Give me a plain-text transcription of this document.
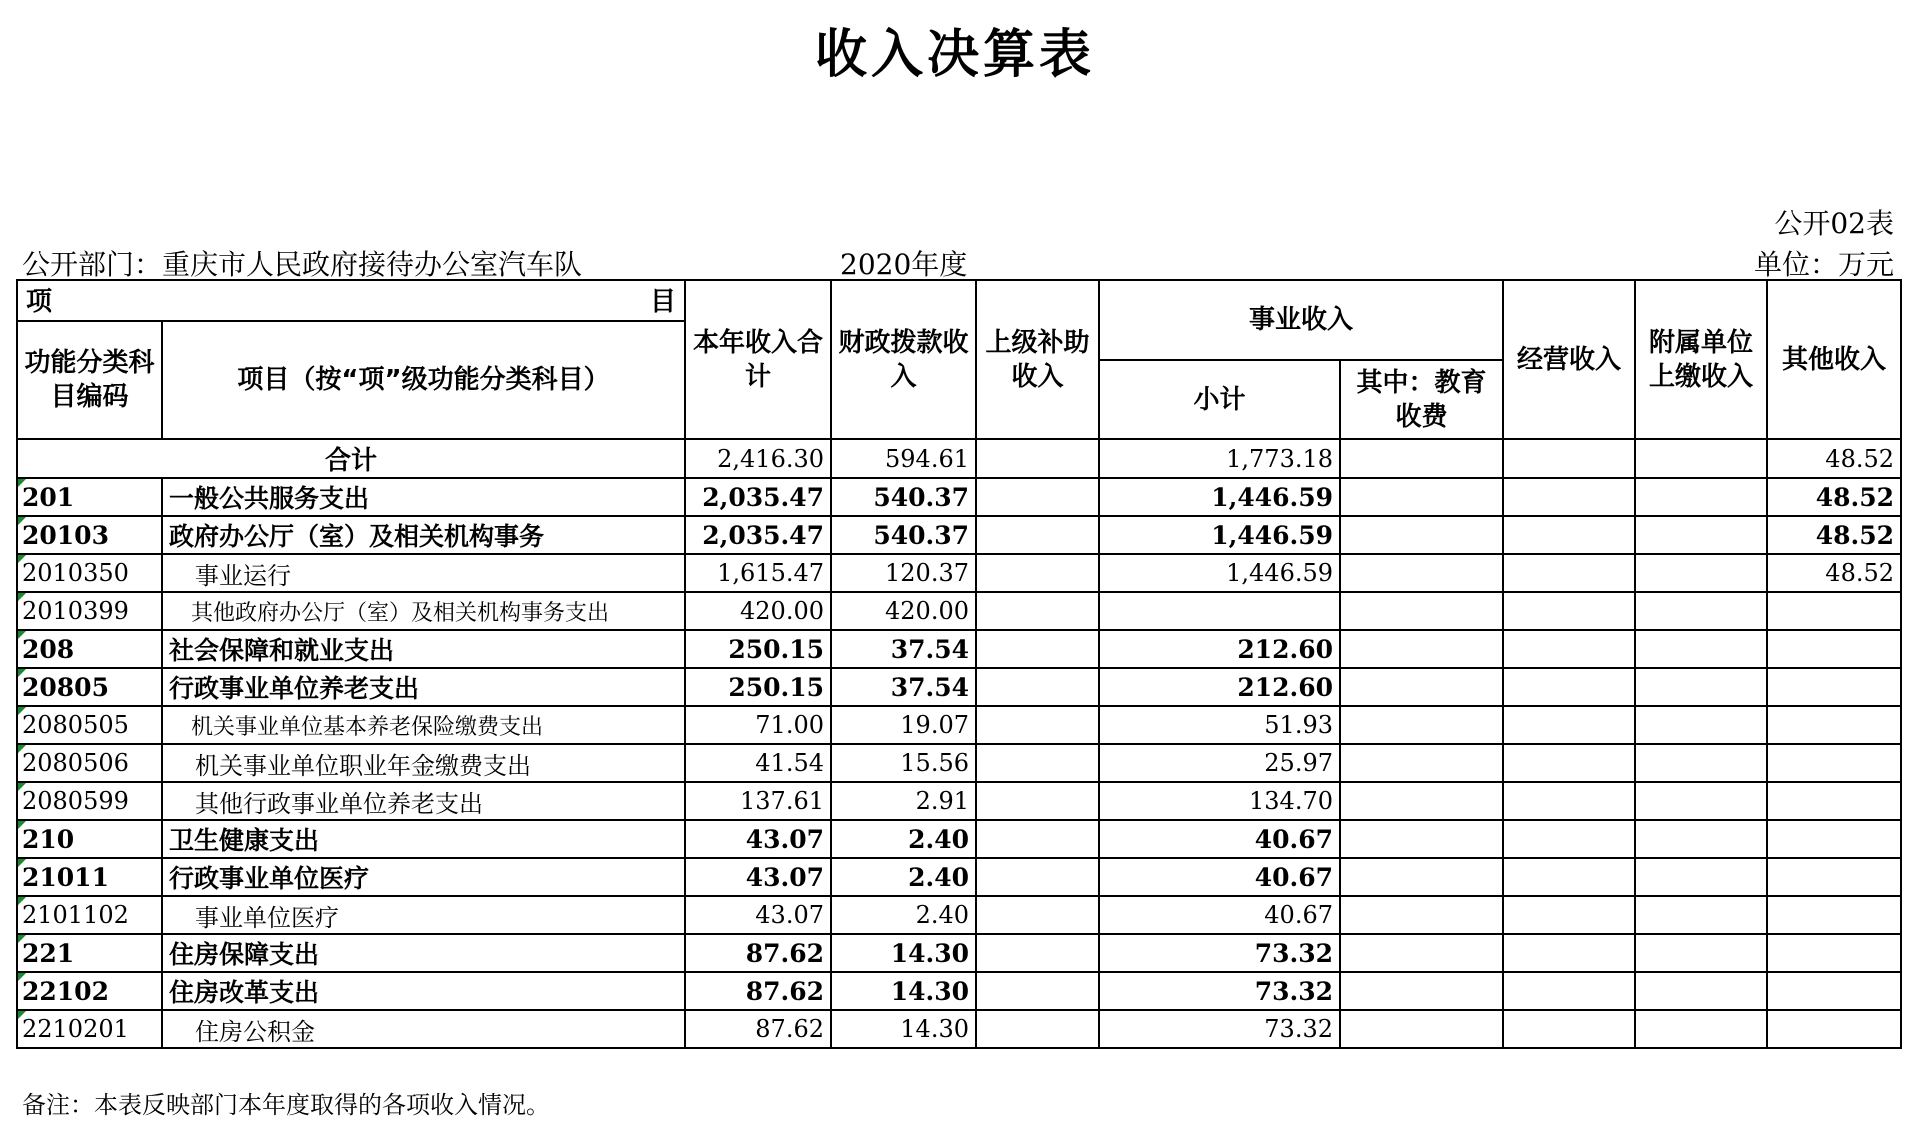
收入决算表
公开02表
公开部门：重庆市人民政府接待办公室汽车队	2020年度	单位：万元
项 目		本年收入合计	财政拨款收入	上级补助收入	事业收入		经营收入	附属单位上缴收入	其他收入
功能分类科目编码	项目（按“项”级功能分类科目）								
					小计	其中：教育收费			
合计		2,416.30	594.61		1,773.18				48.52
201	一般公共服务支出	2,035.47	540.37		1,446.59				48.52
20103	政府办公厅（室）及相关机构事务	2,035.47	540.37		1,446.59				48.52
2010350	事业运行	1,615.47	120.37		1,446.59				48.52
2010399	其他政府办公厅（室）及相关机构事务支出	420.00	420.00						
208	社会保障和就业支出	250.15	37.54		212.60				
20805	行政事业单位养老支出	250.15	37.54		212.60				
2080505	机关事业单位基本养老保险缴费支出	71.00	19.07		51.93				
2080506	机关事业单位职业年金缴费支出	41.54	15.56		25.97				
2080599	其他行政事业单位养老支出	137.61	2.91		134.70				
210	卫生健康支出	43.07	2.40		40.67				
21011	行政事业单位医疗	43.07	2.40		40.67				
2101102	事业单位医疗	43.07	2.40		40.67				
221	住房保障支出	87.62	14.30		73.32				
22102	住房改革支出	87.62	14.30		73.32				
2210201	住房公积金	87.62	14.30		73.32				
备注：本表反映部门本年度取得的各项收入情况。
